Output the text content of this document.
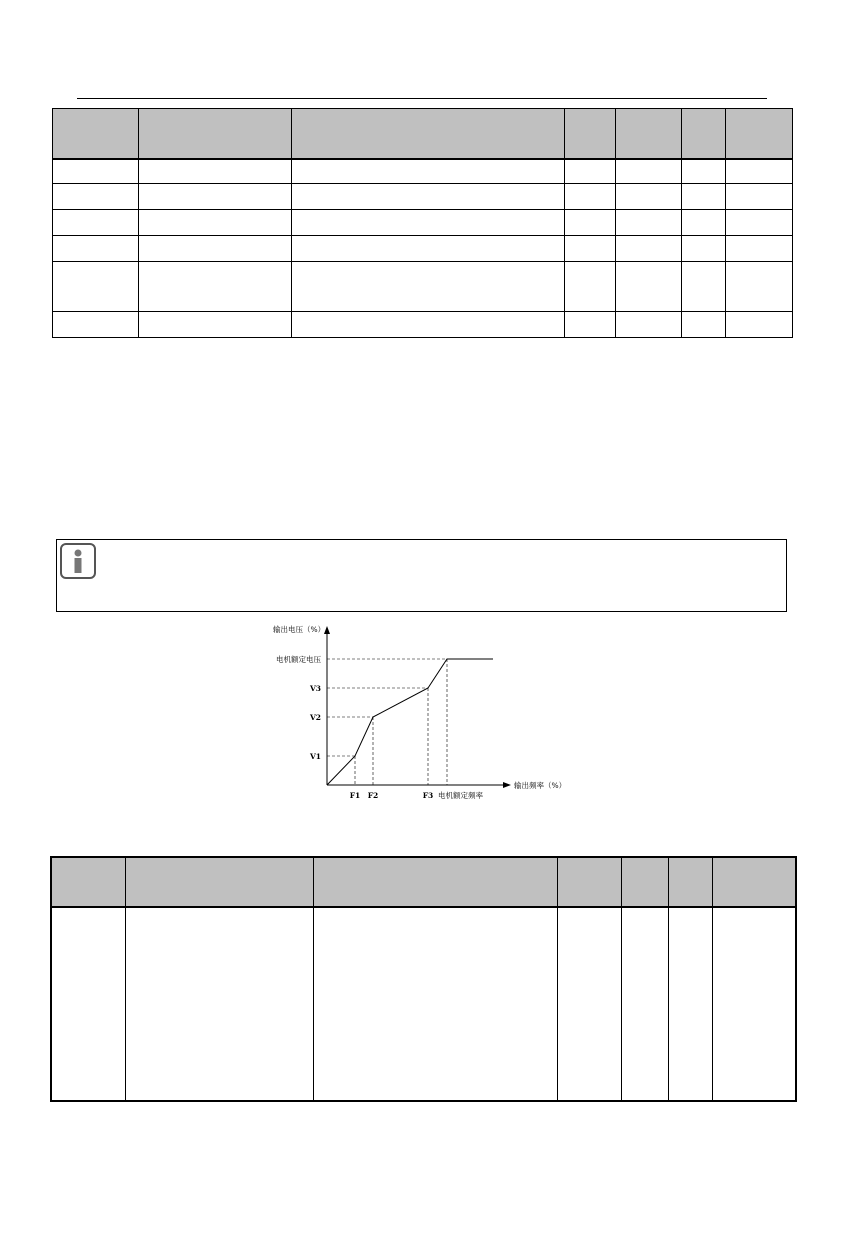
输出电压（%）
输出频率（%）
V1
V2
V3
电机额定电压
F1 F2	F3 电机额定频率
